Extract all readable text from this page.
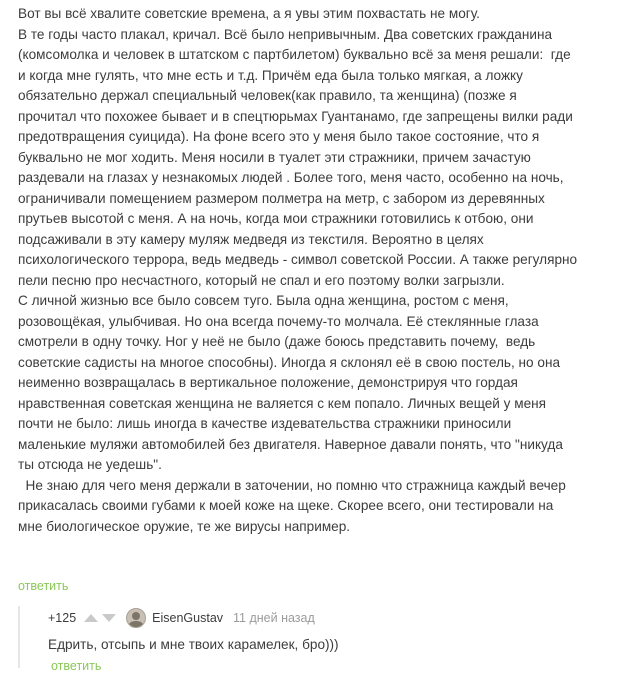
Вот вы всё хвалите советские времена, а я увы этим похвастать не могу.
В те годы часто плакал, кричал. Всё было непривычным. Два советских гражданина
(комсомолка и человек в штатском с партбилетом) буквально всё за меня решали:  где
и когда мне гулять, что мне есть и т.д. Причём еда была только мягкая, а ложку
обязательно держал специальный человек(как правило, та женщина) (позже я
прочитал что похожее бывает и в спецтюрьмах Гуантанамо, где запрещены вилки ради
предотвращения суицида). На фоне всего это у меня было такое состояние, что я
буквально не мог ходить. Меня носили в туалет эти стражники, причем зачастую
раздевали на глазах у незнакомых людей . Более того, меня часто, особенно на ночь,
ограничивали помещением размером полметра на метр, с забором из деревянных
прутьев высотой с меня. А на ночь, когда мои стражники готовились к отбою, они
подсаживали в эту камеру муляж медведя из текстиля. Вероятно в целях
психологического террора, ведь медведь - символ советской России. А также регулярно
пели песню про несчастного, который не спал и его поэтому волки загрызли.
С личной жизнью все было совсем туго. Была одна женщина, ростом с меня,
розовощёкая, улыбчивая. Но она всегда почему-то молчала. Её стеклянные глаза
смотрели в одну точку. Ног у неё не было (даже боюсь представить почему,  ведь
советские садисты на многое способны). Иногда я склонял её в свою постель, но она
неименно возвращалась в вертикальное положение, демонстрируя что гордая
нравственная советская женщина не валяется с кем попало. Личных вещей у меня
почти не было: лишь иногда в качестве издевательства стражники приносили
маленькие муляжи автомобилей без двигателя. Наверное давали понять, что "никуда
ты отсюда не уедешь".
Не знаю для чего меня держали в заточении, но помню что стражница каждый вечер
прикасалась своими губами к моей коже на щеке. Скорее всего, они тестировали на
мне биологическое оружие, те же вирусы например.
ответить
+125	EisenGustav 11 дней назад
Едрить, отсыпь и мне твоих карамелек, бро)))
ответить
